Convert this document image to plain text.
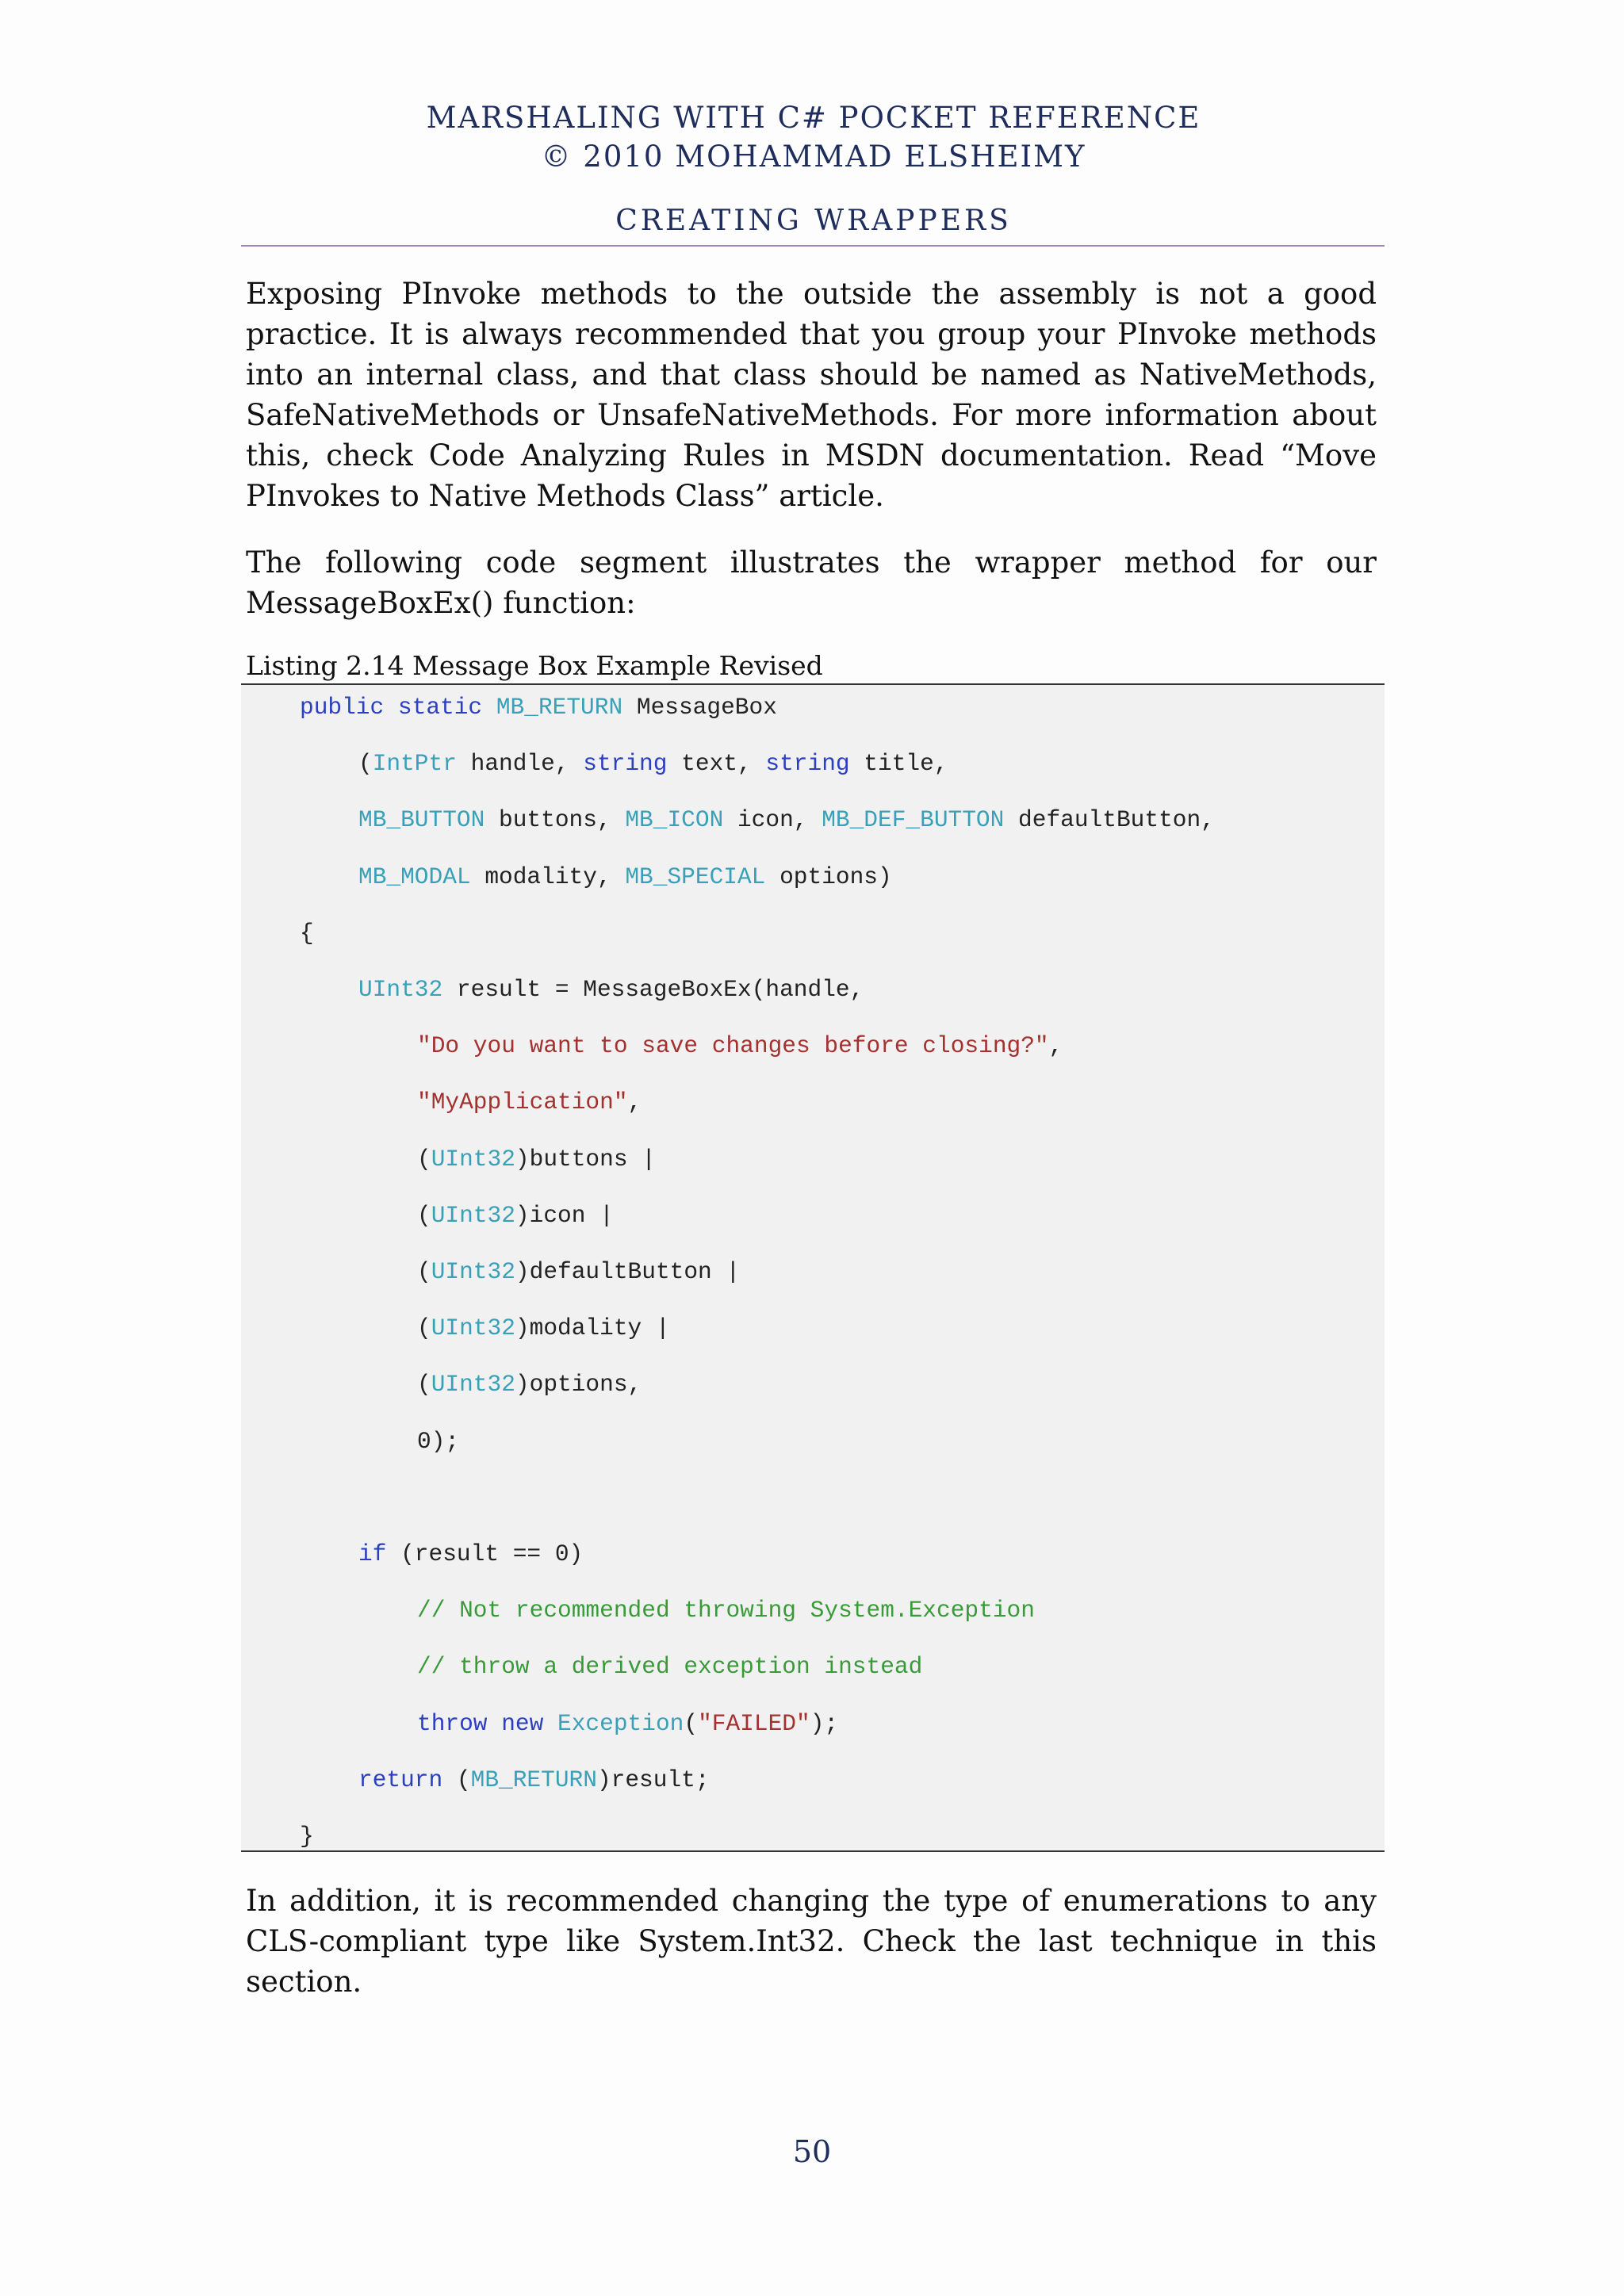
MARSHALING WITH C# POCKET REFERENCE
© 2010 MOHAMMAD ELSHEIMY
CREATING WRAPPERS

Exposing PInvoke methods to the outside the assembly is not a good practice. It is always recommended that you group your PInvoke methods into an internal class, and that class should be named as NativeMethods, SafeNativeMethods or UnsafeNativeMethods. For more information about this, check Code Analyzing Rules in MSDN documentation. Read “Move PInvokes to Native Methods Class” article.

The following code segment illustrates the wrapper method for our MessageBoxEx() function:

Listing 2.14 Message Box Example Revised
public static MB_RETURN MessageBox
(IntPtr handle, string text, string title,
MB_BUTTON buttons, MB_ICON icon, MB_DEF_BUTTON defaultButton,
MB_MODAL modality, MB_SPECIAL options)
{
UInt32 result = MessageBoxEx(handle,
"Do you want to save changes before closing?",
"MyApplication",
(UInt32)buttons |
(UInt32)icon |
(UInt32)defaultButton |
(UInt32)modality |
(UInt32)options,
0);
if (result == 0)
// Not recommended throwing System.Exception
// throw a derived exception instead
throw new Exception("FAILED");
return (MB_RETURN)result;
}

In addition, it is recommended changing the type of enumerations to any CLS-compliant type like System.Int32. Check the last technique in this section.

50
